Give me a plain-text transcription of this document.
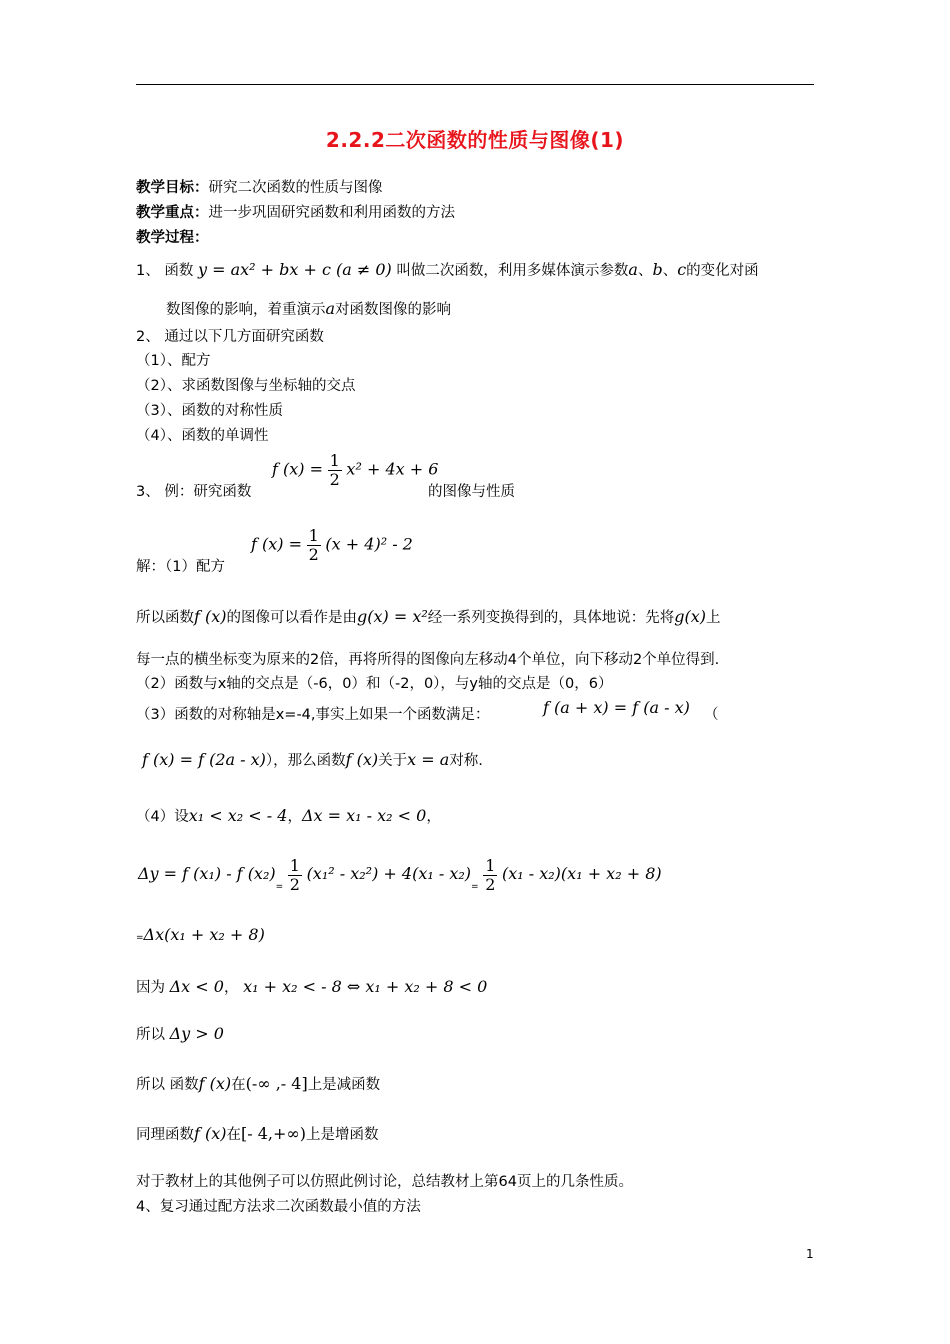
2.2.2二次函数的性质与图像(1)
教学目标：研究二次函数的性质与图像
教学重点：进一步巩固研究函数和利用函数的方法
教学过程：
1、 函数 y = ax² + bx + c (a ≠ 0) 叫做二次函数，利用多媒体演示参数a、b、c的变化对函
数图像的影响，着重演示a对函数图像的影响
2、 通过以下几方面研究函数
（1）、配方
（2）、求函数图像与坐标轴的交点
（3）、函数的对称性质
（4）、函数的单调性
3、 例：研究函数
f $(x) = \frac{1}{2} x^2 + 4x + 6$
的图像与性质
解：（1）配方
f $(x) = \frac{1}{2} (x + 4)^2 - 2$
所以函数f (x)的图像可以看作是由g(x) = x²经一系列变换得到的，具体地说：先将g(x)上
每一点的横坐标变为原来的2倍，再将所得的图像向左移动4个单位，向下移动2个单位得到.
（2）函数与x轴的交点是（-6，0）和（-2，0），与y轴的交点是（0，6）
（3）函数的对称轴是x=-4,事实上如果一个函数满足：	f (a + x) = f (a - x) （
f (x) = f (2a - x)），那么函数f (x)关于x = a对称.
（4）设x₁ < x₂ < - 4，Δx = x₁ - x₂ < 0，
Δy = f (x₁) - f $(x_2)_= \frac{1}{2} (x_1^2 - x_2^2) + 4(x_1 - x_2)_= \frac{1}{2} (x_1 - x_2)(x_1 + x_2 + 8)$
=Δx(x₁ + x₂ + 8)
因为 Δx < 0， x₁ + x₂ < - 8 ⇔ x₁ + x₂ + 8 < 0
所以 Δy > 0
所以 函数f (x)在(-∞ ,- 4]上是减函数
同理函数f (x)在[- 4,+∞)上是增函数
对于教材上的其他例子可以仿照此例讨论，总结教材上第64页上的几条性质。
4、复习通过配方法求二次函数最小值的方法
1
